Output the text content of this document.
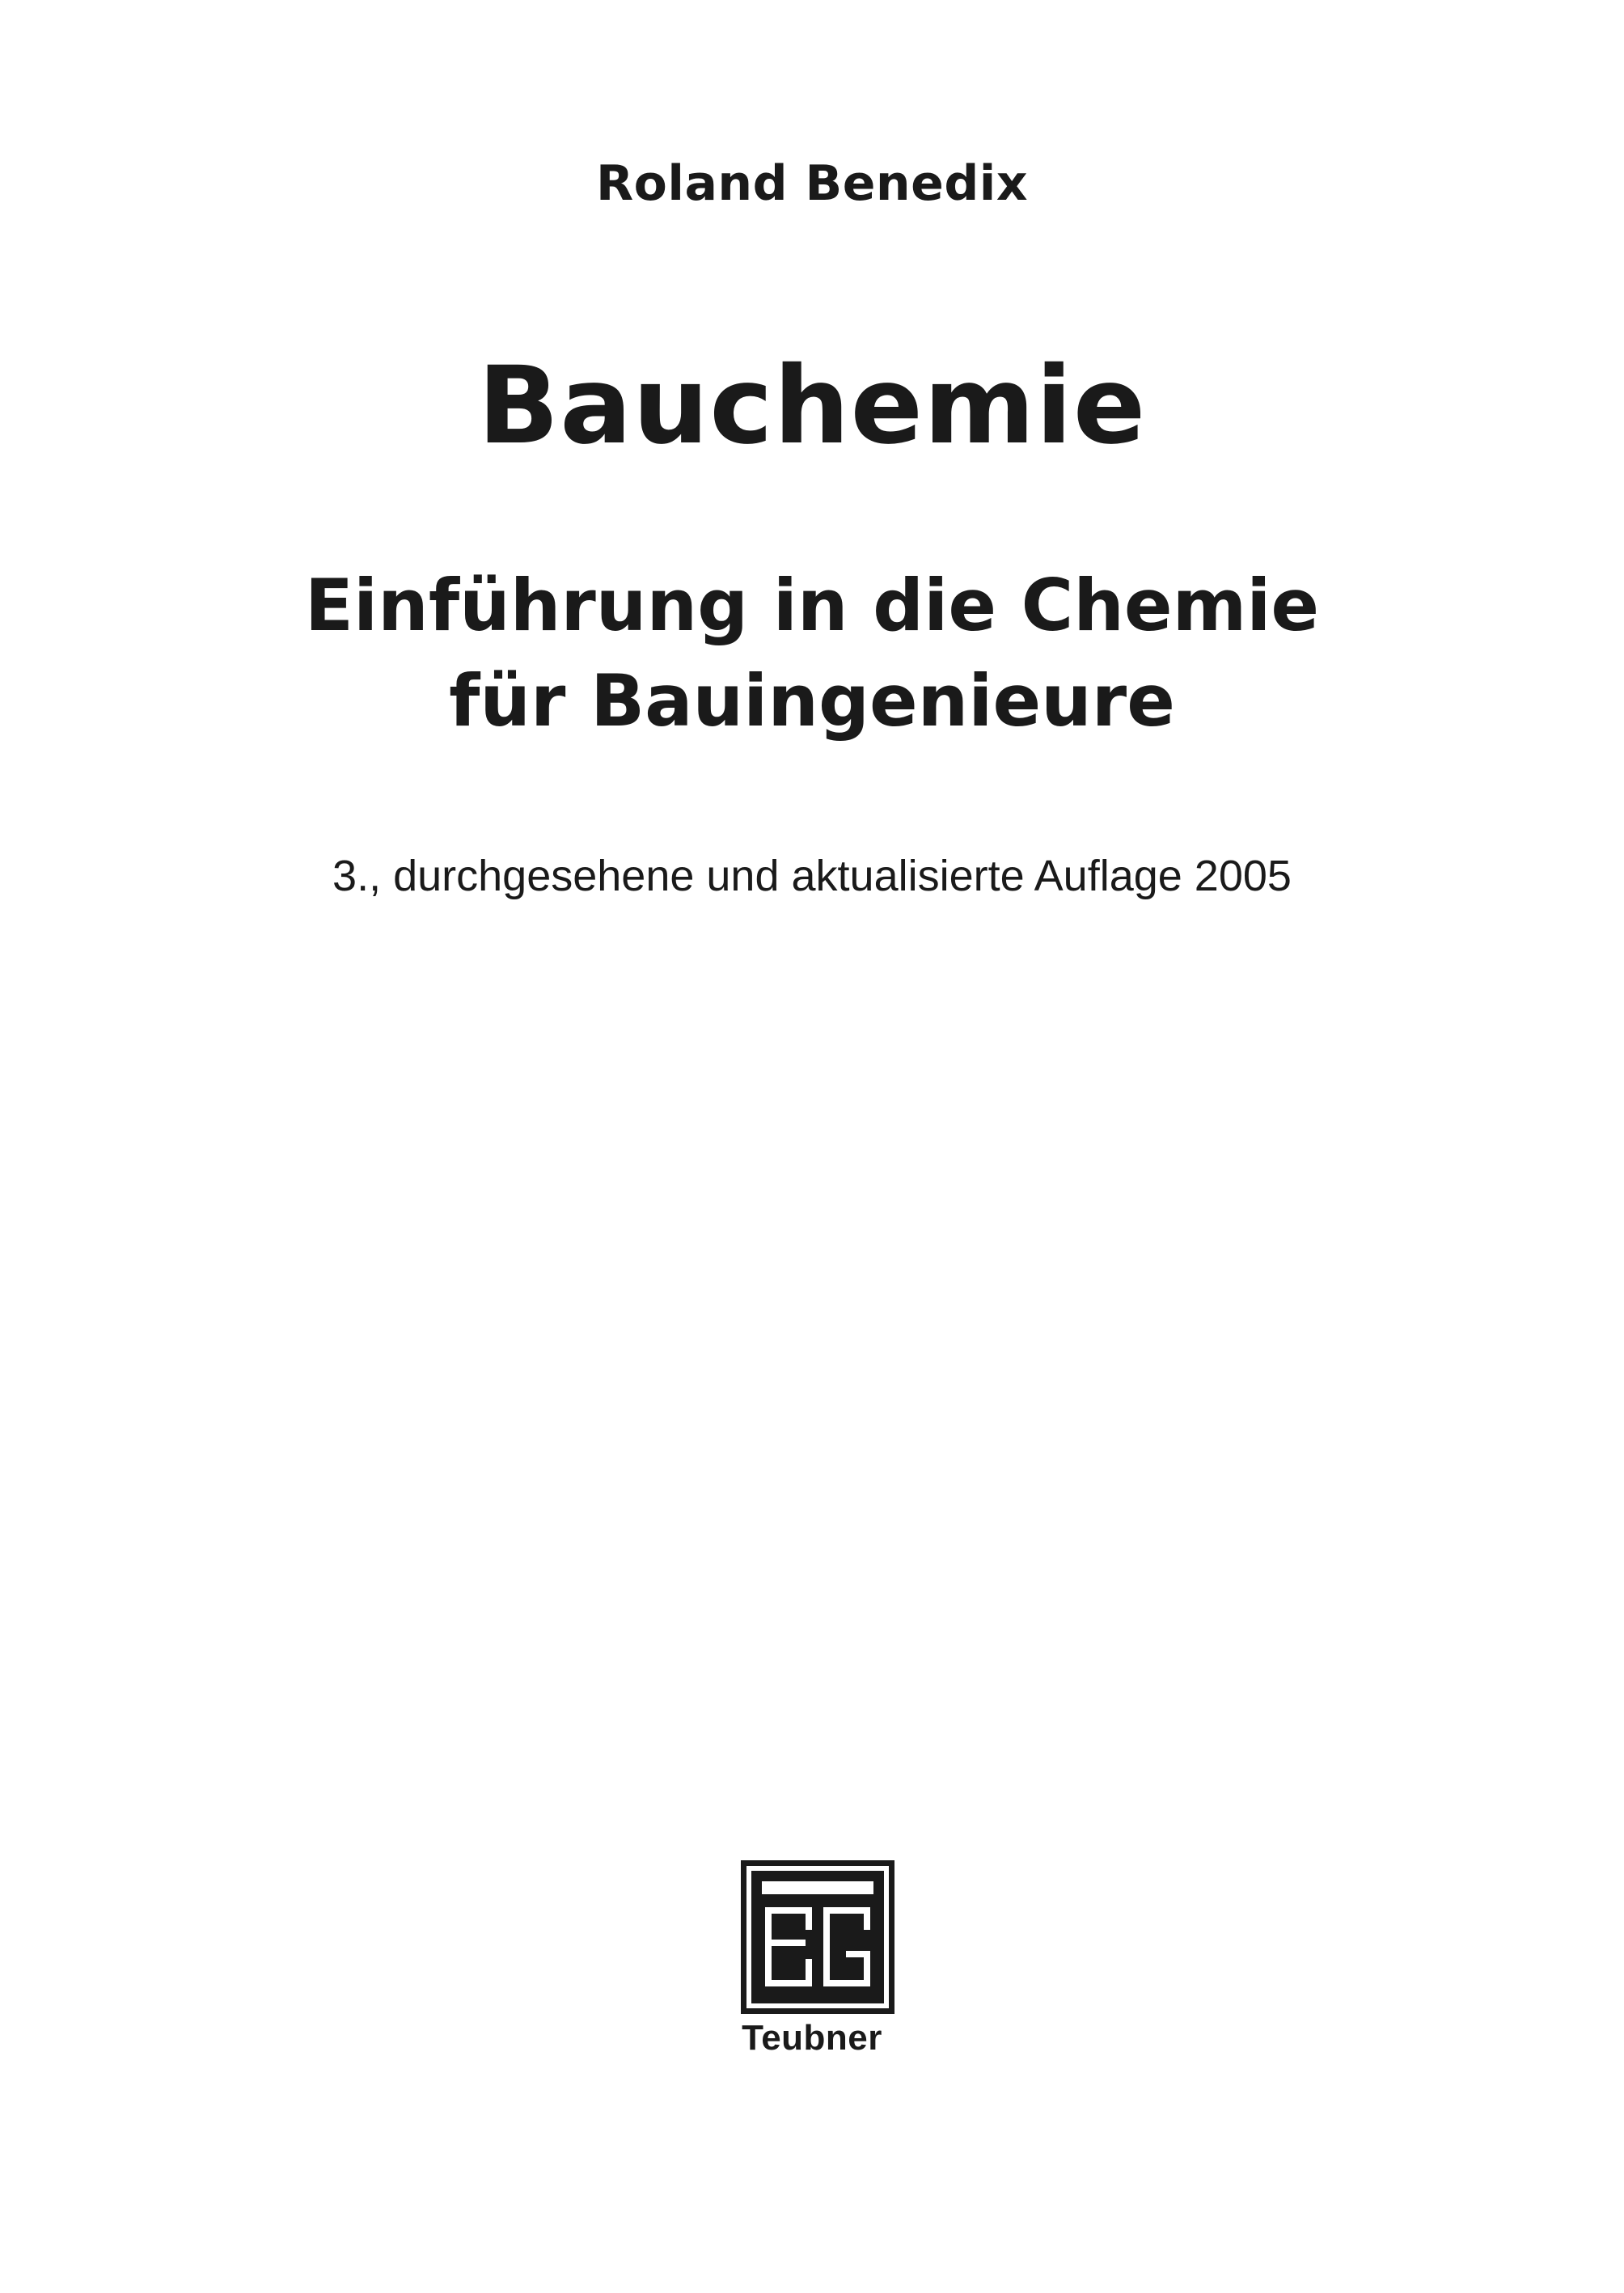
Roland Benedix
Bauchemie
Einführung in die Chemie
für Bauingenieure
3., durchgesehene und aktualisierte Auflage 2005
Teubner
